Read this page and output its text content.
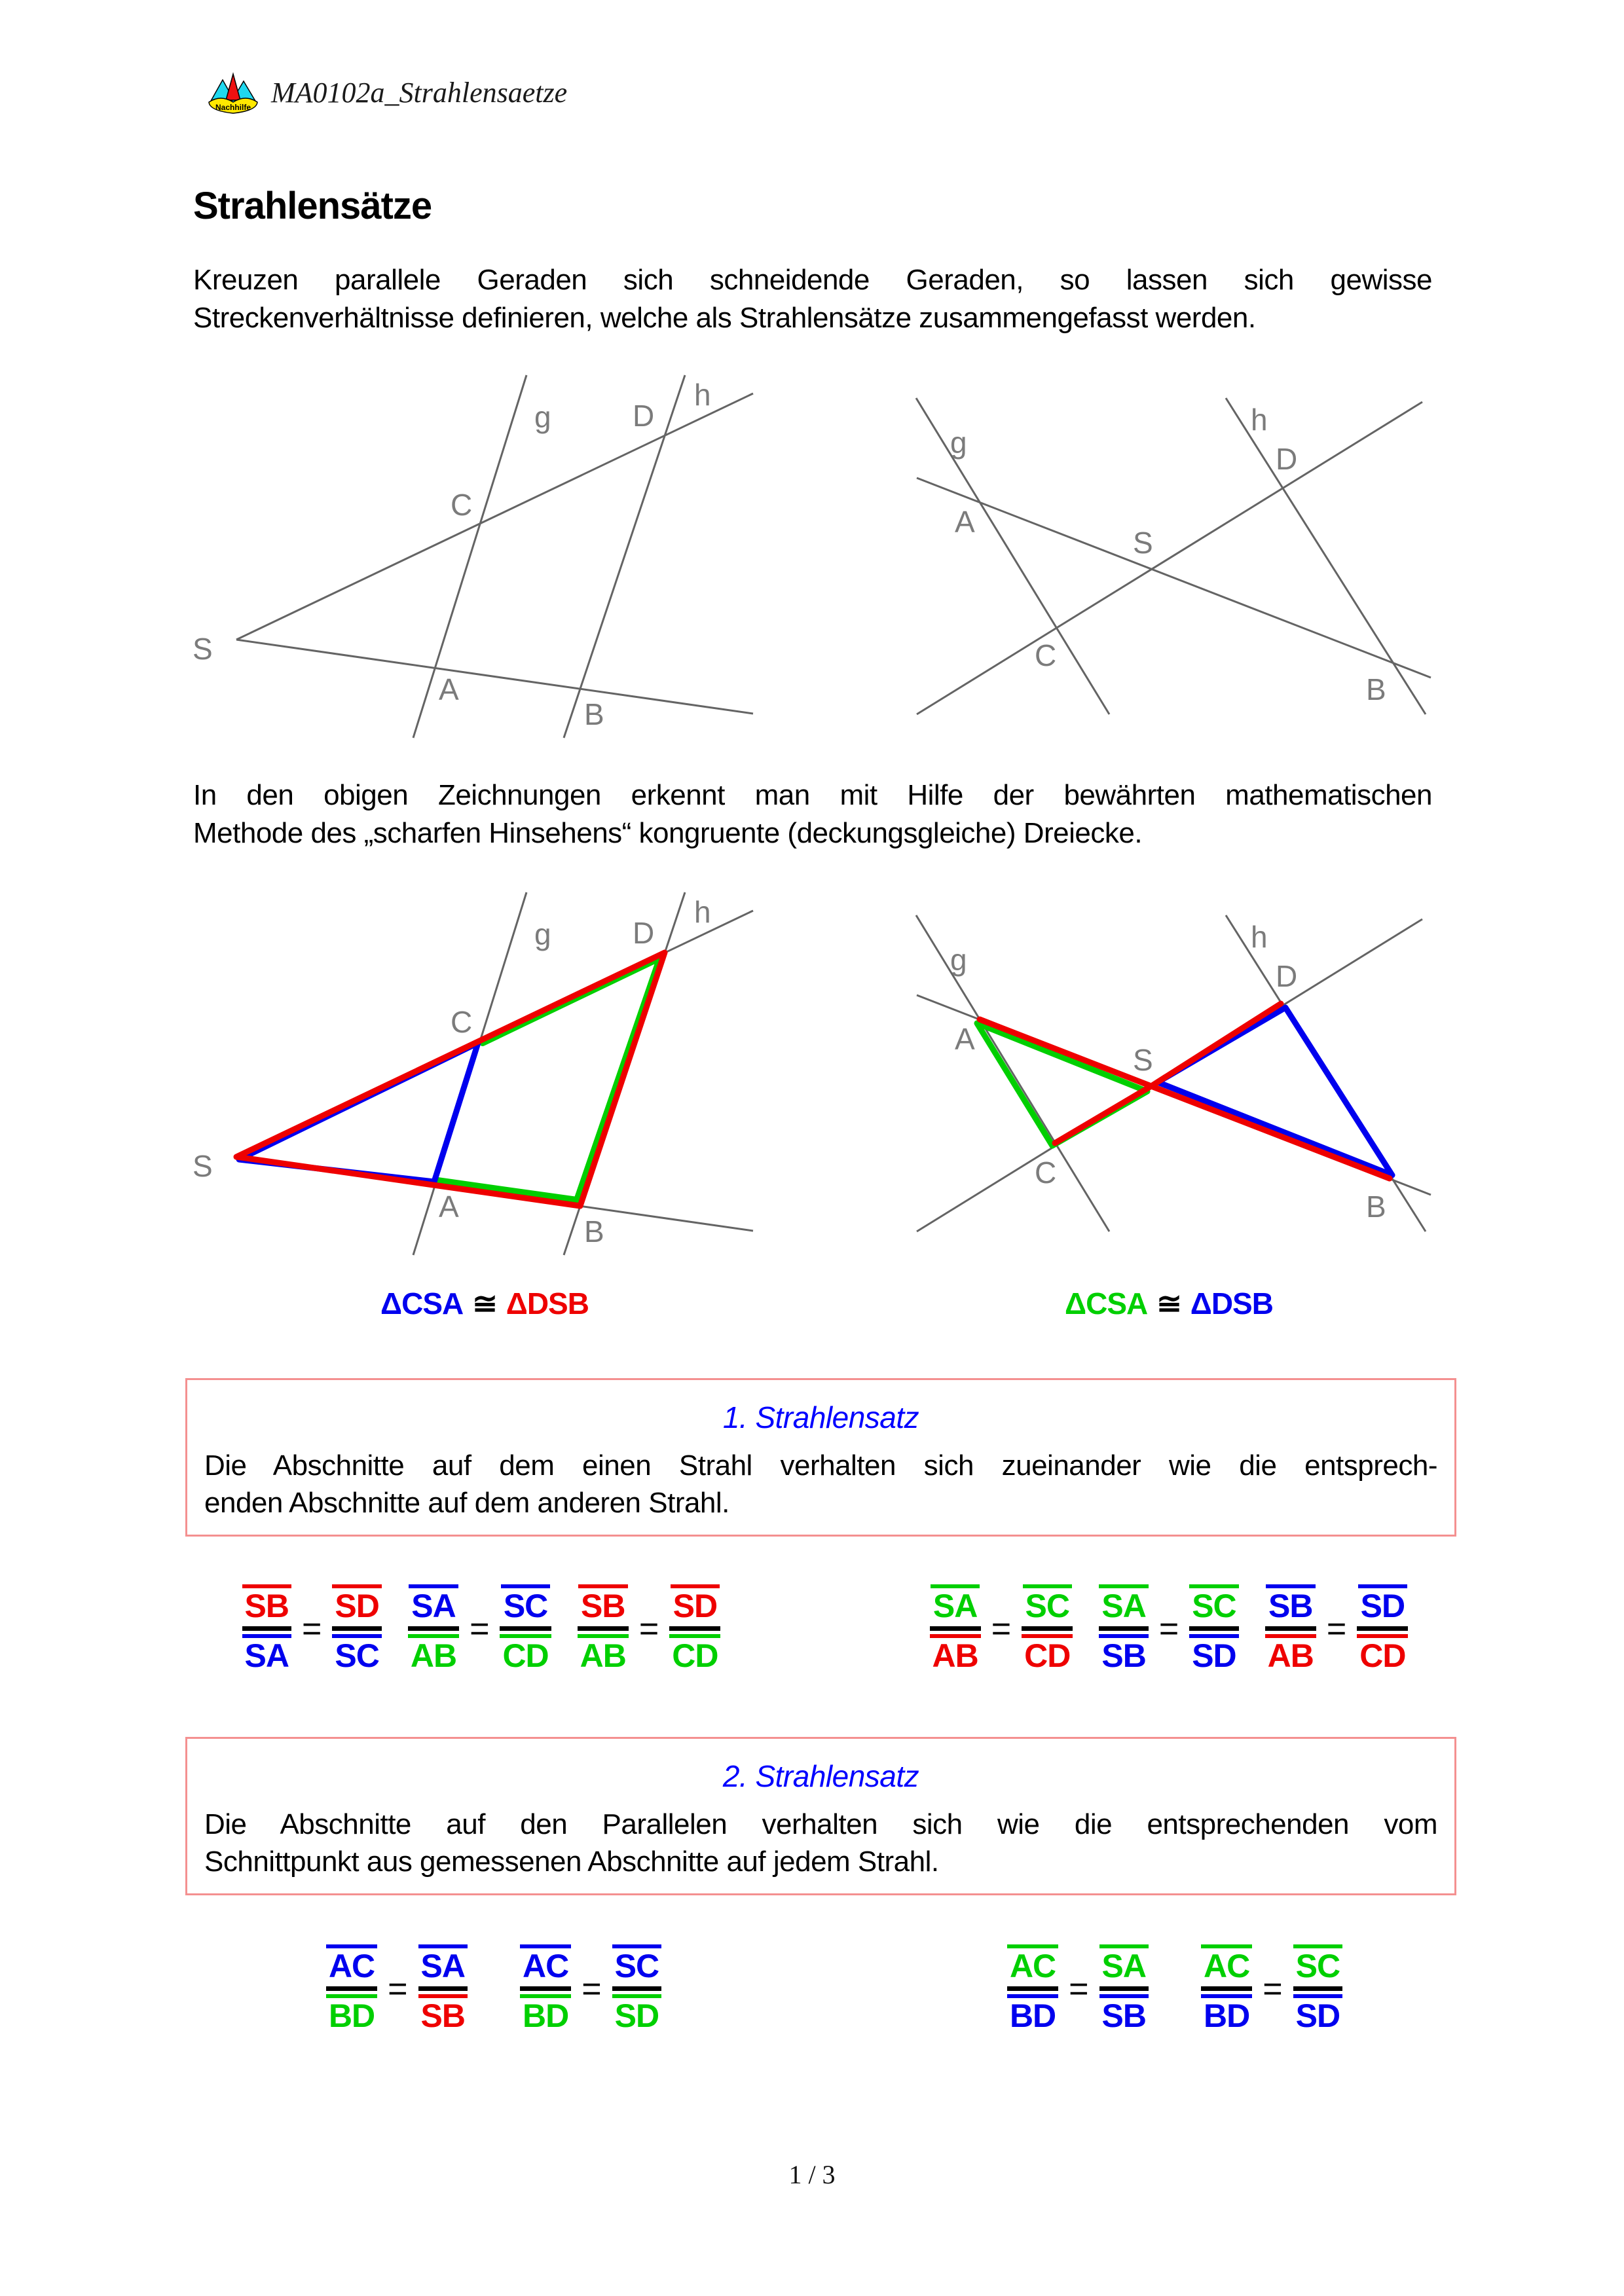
Nachhilfe MA0102a_Strahlensaetze
Strahlensätze
Kreuzen parallele Geraden sich schneidende Geraden, so lassen sich gewisse
Streckenverhältnisse definieren, welche als Strahlensätze zusammengefasst werden.
g
h
D
C
S
A
B
g
h
A
C
S
D
B
In den obigen Zeichnungen erkennt man mit Hilfe der bewährten mathematischen
Methode des „scharfen Hinsehens“ kongruente (deckungsgleiche) Dreiecke.
g
h
D
C
S
A
B
g
h
A
C
S
D
B
ΔCSA ≅ ΔDSB	ΔCSA ≅ ΔDSB
1. Strahlensatz
Die Abschnitte auf dem einen Strahl verhalten sich zueinander wie die entsprech-
enden Abschnitte auf dem anderen Strahl.
$\frac{SB}{SA} = \frac{SD}{SC} \frac{SA}{AB} = \frac{SC}{CD} \frac{SB}{AB} = \frac{SD}{CD}$	$\frac{SA}{AB} = \frac{SC}{CD} \frac{SA}{SB} = \frac{SC}{SD} \frac{SB}{AB} = \frac{SD}{CD}$
2. Strahlensatz
Die Abschnitte auf den Parallelen verhalten sich wie die entsprechenden vom
Schnittpunkt aus gemessenen Abschnitte auf jedem Strahl.
$\frac{AC}{BD} = \frac{SA}{SB} \frac{AC}{BD} = \frac{SC}{SD}$	$\frac{AC}{BD} = \frac{SA}{SB} \frac{AC}{BD} = \frac{SC}{SD}$
1 / 3
